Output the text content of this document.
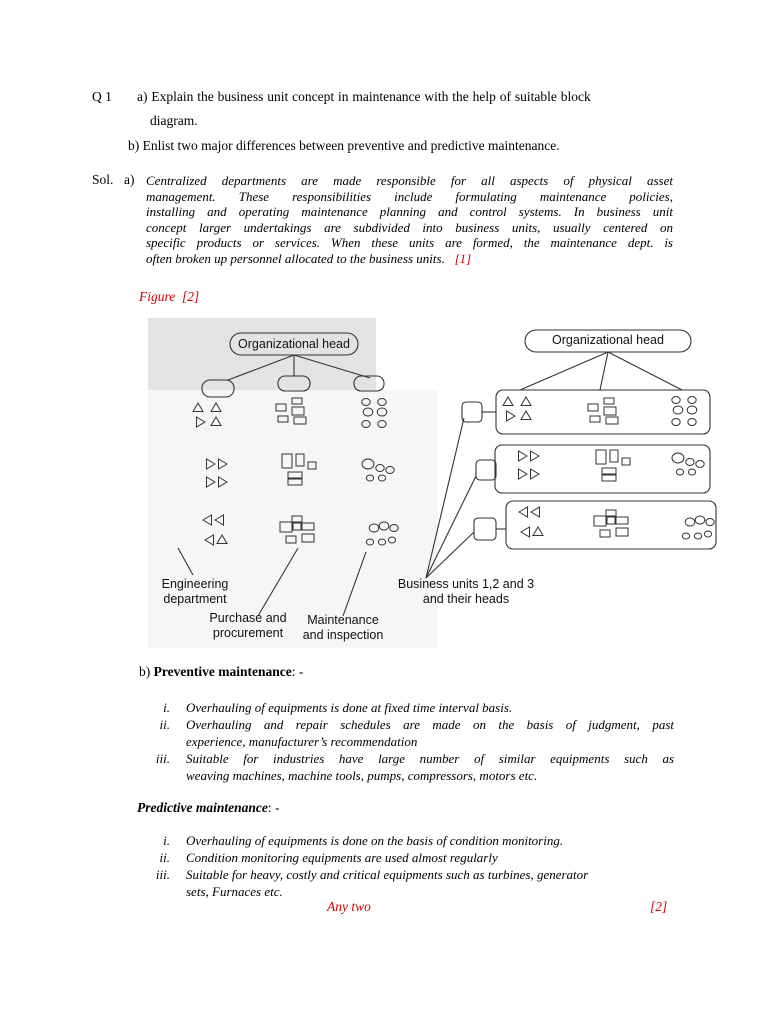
Q 1 a) Explain the business unit concept in maintenance with the help of suitable block
diagram.
b) Enlist two major differences between preventive and predictive maintenance.
Sol. a) Centralized departments are made responsible for all aspects of physical asset
management. These responsibilities include formulating maintenance policies,
installing and operating maintenance planning and control systems. In business unit
concept larger undertakings are subdivided into business units, usually centered on
specific products or services. When these units are formed, the maintenance dept. is
often broken up personnel allocated to the business units. [1]
Figure  [2]
Organizational head	Organizational head
Engineering
department
Purchase and
procurement
Maintenance
and inspection
Business units 1,2 and 3
and their heads
b) Preventive maintenance: -
i. Overhauling of equipments is done at fixed time interval basis.
ii. Overhauling and repair schedules are made on the basis of judgment, past
experience, manufacturer’s recommendation
iii. Suitable for industries have large number of similar equipments such as
weaving machines, machine tools, pumps, compressors, motors etc.
Predictive maintenance: -
i. Overhauling of equipments is done on the basis of condition monitoring.
ii. Condition monitoring equipments are used almost regularly
iii. Suitable for heavy, costly and critical equipments such as turbines, generator
sets, Furnaces etc.
Any two	[2]
